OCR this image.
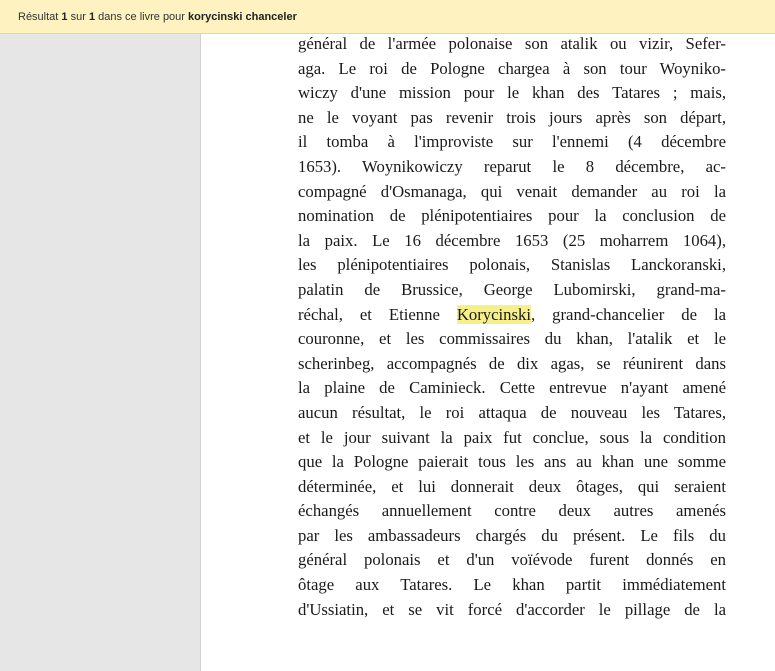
Résultat 1 sur 1 dans ce livre pour korycinski chanceler
général de l'armée polonaise son atalik ou vizir, Sefer-
aga. Le roi de Pologne chargea à son tour Woyniko-
wiczy d'une mission pour le khan des Tatares ; mais,
ne le voyant pas revenir trois jours après son départ,
il tomba à l'improviste sur l'ennemi (4 décembre
1653). Woynikowiczy reparut le 8 décembre, ac-
compagné d'Osmanaga, qui venait demander au roi la
nomination de plénipotentiaires pour la conclusion de
la paix. Le 16 décembre 1653 (25 moharrem 1064),
les plénipotentiaires polonais, Stanislas Lanckoranski,
palatin de Brussice, George Lubomirski, grand-ma-
réchal, et Etienne Korycinski, grand-chancelier de la
couronne, et les commissaires du khan, l'atalik et le
scherinbeg, accompagnés de dix agas, se réunirent dans
la plaine de Caminieck. Cette entrevue n'ayant amené
aucun résultat, le roi attaqua de nouveau les Tatares,
et le jour suivant la paix fut conclue, sous la condition
que la Pologne paierait tous les ans au khan une somme
déterminée, et lui donnerait deux ôtages, qui seraient
échangés annuellement contre deux autres amenés
par les ambassadeurs chargés du présent. Le fils du
général polonais et d'un voïévode furent donnés en
ôtage aux Tatares. Le khan partit immédiatement
d'Ussiatin, et se vit forcé d'accorder le pillage de la
